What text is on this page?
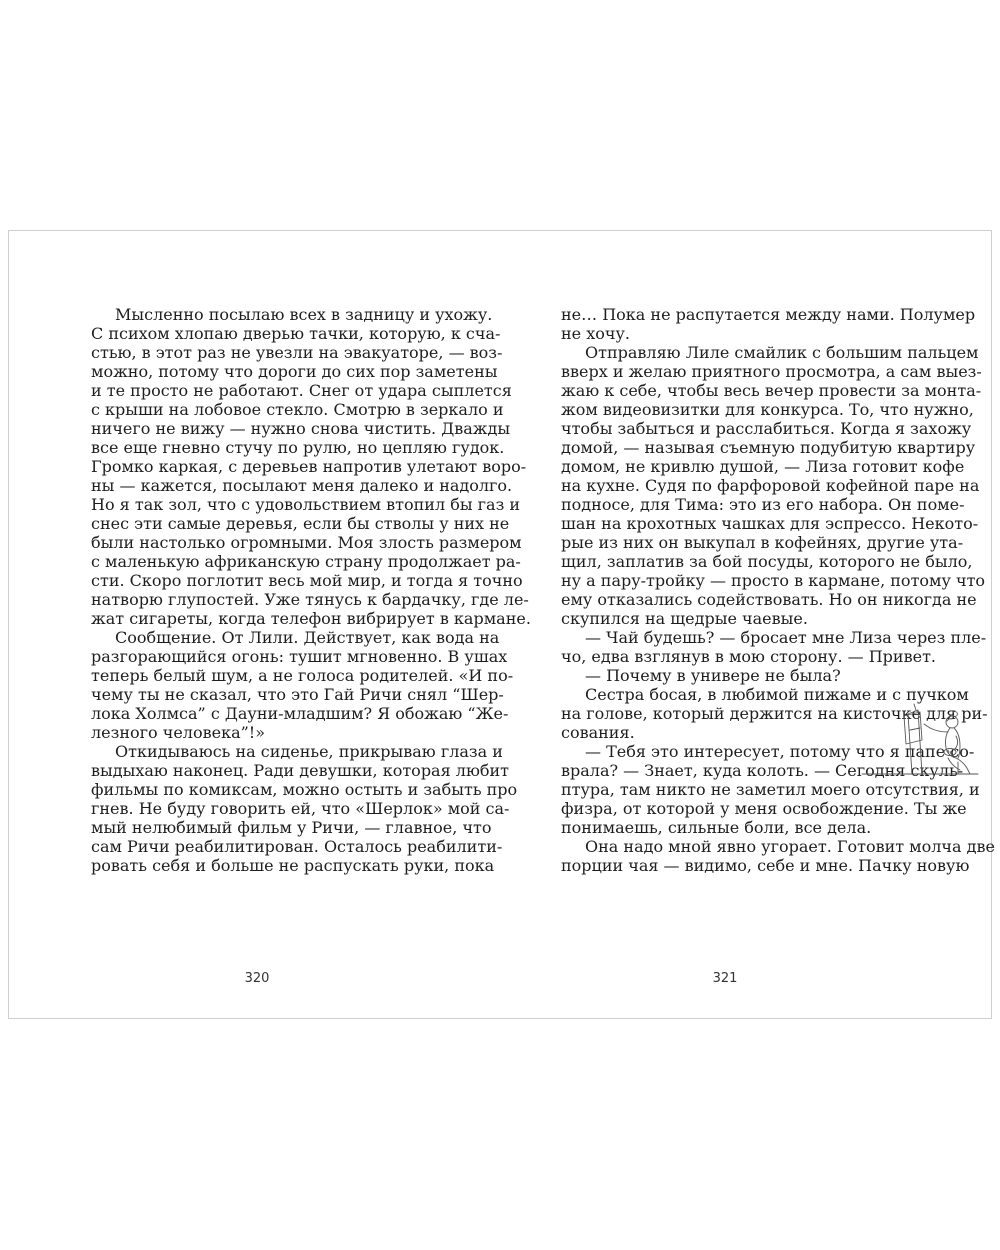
Мысленно посылаю всех в задницу и ухожу.
С психом хлопаю дверью тачки, которую, к сча-
стью, в этот раз не увезли на эвакуаторе, — воз-
можно, потому что дороги до сих пор заметены
и те просто не работают. Снег от удара сыплется
с крыши на лобовое стекло. Смотрю в зеркало и
ничего не вижу — нужно снова чистить. Дважды
все еще гневно стучу по рулю, но цепляю гудок.
Громко каркая, с деревьев напротив улетают воро-
ны — кажется, посылают меня далеко и надолго.
Но я так зол, что с удовольствием втопил бы газ и
снес эти самые деревья, если бы стволы у них не
были настолько огромными. Моя злость размером
с маленькую африканскую страну продолжает ра-
сти. Скоро поглотит весь мой мир, и тогда я точно
натворю глупостей. Уже тянусь к бардачку, где ле-
жат сигареты, когда телефон вибрирует в кармане.
Сообщение. От Лили. Действует, как вода на
разгорающийся огонь: тушит мгновенно. В ушах
теперь белый шум, а не голоса родителей. «И по-
чему ты не сказал, что это Гай Ричи снял “Шер-
лока Холмса” с Дауни-младшим? Я обожаю “Же-
лезного человека”!»
Откидываюсь на сиденье, прикрываю глаза и
выдыхаю наконец. Ради девушки, которая любит
фильмы по комиксам, можно остыть и забыть про
гнев. Не буду говорить ей, что «Шерлок» мой са-
мый нелюбимый фильм у Ричи, — главное, что
сам Ричи реабилитирован. Осталось реабилити-
ровать себя и больше не распускать руки, пока
не… Пока не распутается между нами. Полумер
не хочу.
Отправляю Лиле смайлик с большим пальцем
вверх и желаю приятного просмотра, а сам выез-
жаю к себе, чтобы весь вечер провести за монта-
жом видеовизитки для конкурса. То, что нужно,
чтобы забыться и расслабиться. Когда я захожу
домой, — называя съемную подубитую квартиру
домом, не кривлю душой, — Лиза готовит кофе
на кухне. Судя по фарфоровой кофейной паре на
подносе, для Тима: это из его набора. Он поме-
шан на крохотных чашках для эспрессо. Некото-
рые из них он выкупал в кофейнях, другие ута-
щил, заплатив за бой посуды, которого не было,
ну а пару-тройку — просто в кармане, потому что
ему отказались содействовать. Но он никогда не
скупился на щедрые чаевые.
— Чай будешь? — бросает мне Лиза через пле-
чо, едва взглянув в мою сторону. — Привет.
— Почему в универе не была?
Сестра босая, в любимой пижаме и с пучком
на голове, который держится на кисточке для ри-
сования.
— Тебя это интересует, потому что я папе со-
врала? — Знает, куда колоть. — Сегодня скуль-
птура, там никто не заметил моего отсутствия, и
физра, от которой у меня освобождение. Ты же
понимаешь, сильные боли, все дела.
Она надо мной явно угорает. Готовит молча две
порции чая — видимо, себе и мне. Пачку новую
320	321
